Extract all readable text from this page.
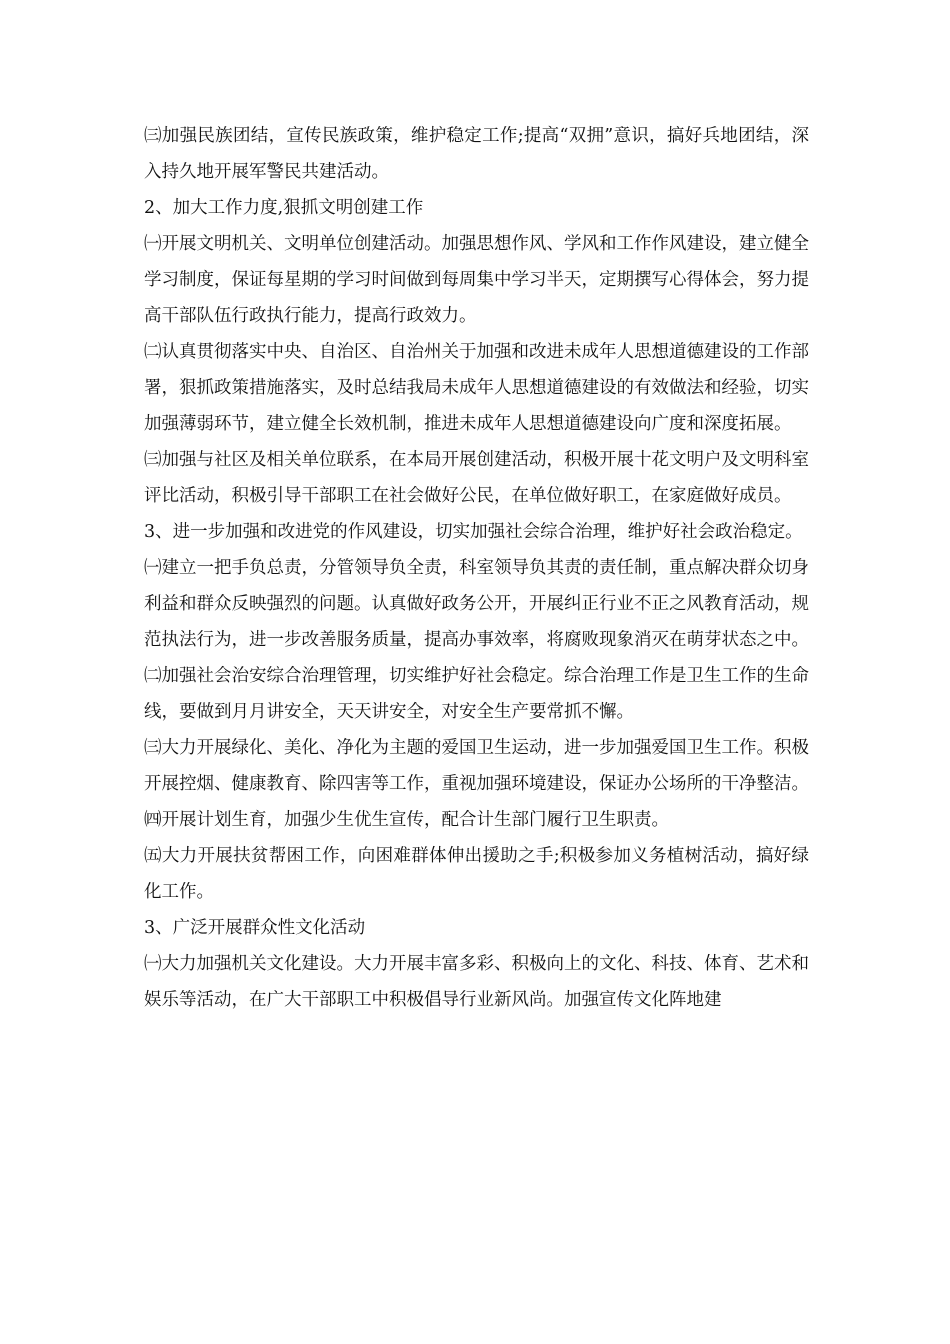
㈢加强民族团结，宣传民族政策，维护稳定工作;提高“双拥”意识，搞好兵地团结，深入持久地开展军警民共建活动。

2、加大工作力度,狠抓文明创建工作

㈠开展文明机关、文明单位创建活动。加强思想作风、学风和工作作风建设，建立健全学习制度，保证每星期的学习时间做到每周集中学习半天，定期撰写心得体会，努力提高干部队伍行政执行能力，提高行政效力。

㈡认真贯彻落实中央、自治区、自治州关于加强和改进未成年人思想道德建设的工作部署，狠抓政策措施落实，及时总结我局未成年人思想道德建设的有效做法和经验，切实加强薄弱环节，建立健全长效机制，推进未成年人思想道德建设向广度和深度拓展。

㈢加强与社区及相关单位联系，在本局开展创建活动，积极开展十花文明户及文明科室评比活动，积极引导干部职工在社会做好公民，在单位做好职工，在家庭做好成员。

3、进一步加强和改进党的作风建设，切实加强社会综合治理，维护好社会政治稳定。

㈠建立一把手负总责，分管领导负全责，科室领导负其责的责任制，重点解决群众切身利益和群众反映强烈的问题。认真做好政务公开，开展纠正行业不正之风教育活动，规范执法行为，进一步改善服务质量，提高办事效率，将腐败现象消灭在萌芽状态之中。

㈡加强社会治安综合治理管理，切实维护好社会稳定。综合治理工作是卫生工作的生命线，要做到月月讲安全，天天讲安全，对安全生产要常抓不懈。

㈢大力开展绿化、美化、净化为主题的爱国卫生运动，进一步加强爱国卫生工作。积极开展控烟、健康教育、除四害等工作，重视加强环境建设，保证办公场所的干净整洁。

㈣开展计划生育，加强少生优生宣传，配合计生部门履行卫生职责。

㈤大力开展扶贫帮困工作，向困难群体伸出援助之手;积极参加义务植树活动，搞好绿化工作。

3、广泛开展群众性文化活动

㈠大力加强机关文化建设。大力开展丰富多彩、积极向上的文化、科技、体育、艺术和娱乐等活动，在广大干部职工中积极倡导行业新风尚。加强宣传文化阵地建
